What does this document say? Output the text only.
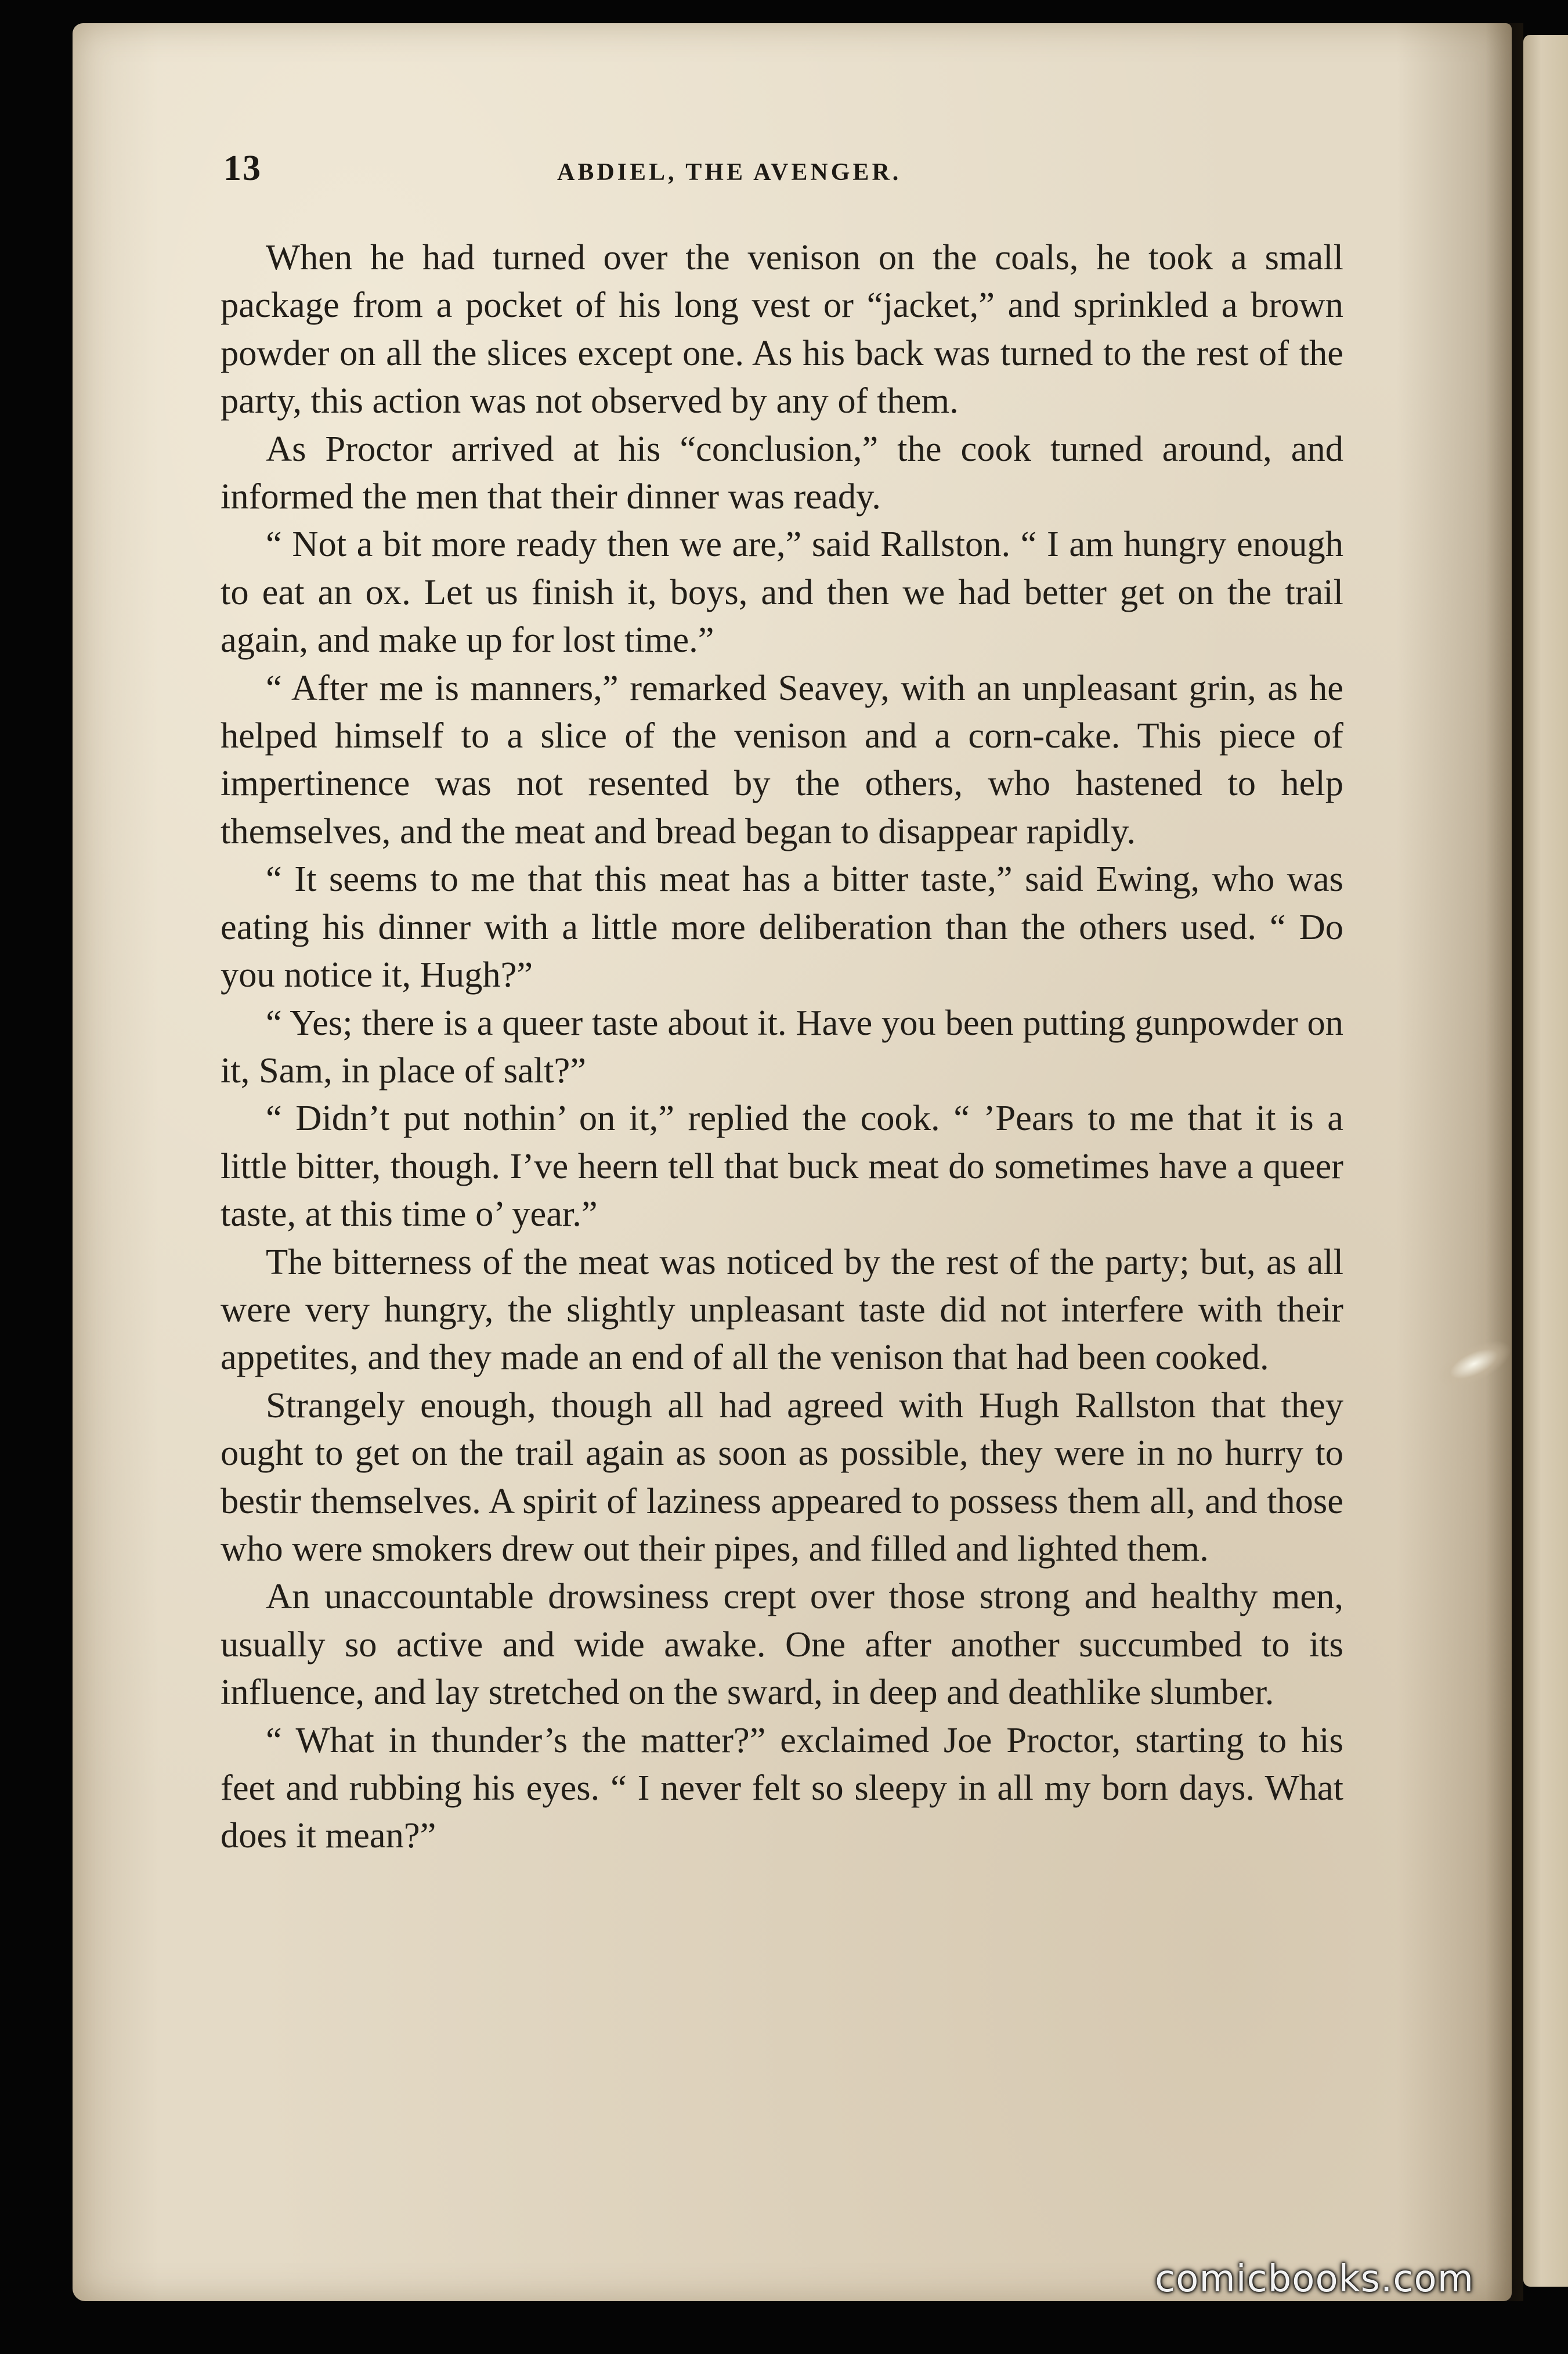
13	ABDIEL, THE AVENGER.

When he had turned over the venison on the coals, he took a small package from a pocket of his long vest or “jacket,” and sprinkled a brown powder on all the slices except one. As his back was turned to the rest of the party, this action was not observed by any of them.

As Proctor arrived at his “conclusion,” the cook turned around, and informed the men that their dinner was ready.

“ Not a bit more ready then we are,” said Rallston. “ I am hungry enough to eat an ox. Let us finish it, boys, and then we had better get on the trail again, and make up for lost time.”

“ After me is manners,” remarked Seavey, with an unpleasant grin, as he helped himself to a slice of the venison and a corn-cake. This piece of impertinence was not resented by the others, who hastened to help themselves, and the meat and bread began to disappear rapidly.

“ It seems to me that this meat has a bitter taste,” said Ewing, who was eating his dinner with a little more deliberation than the others used. “ Do you notice it, Hugh?”

“ Yes; there is a queer taste about it. Have you been putting gunpowder on it, Sam, in place of salt?”

“ Didn’t put nothin’ on it,” replied the cook. “ ’Pears to me that it is a little bitter, though. I’ve heern tell that buck meat do sometimes have a queer taste, at this time o’ year.”

The bitterness of the meat was noticed by the rest of the party; but, as all were very hungry, the slightly unpleasant taste did not interfere with their appetites, and they made an end of all the venison that had been cooked.

Strangely enough, though all had agreed with Hugh Rallston that they ought to get on the trail again as soon as possible, they were in no hurry to bestir themselves. A spirit of laziness appeared to possess them all, and those who were smokers drew out their pipes, and filled and lighted them.

An unaccountable drowsiness crept over those strong and healthy men, usually so active and wide awake. One after another succumbed to its influence, and lay stretched on the sward, in deep and deathlike slumber.

“ What in thunder’s the matter?” exclaimed Joe Proctor, starting to his feet and rubbing his eyes. “ I never felt so sleepy in all my born days. What does it mean?”

comicbooks.com
